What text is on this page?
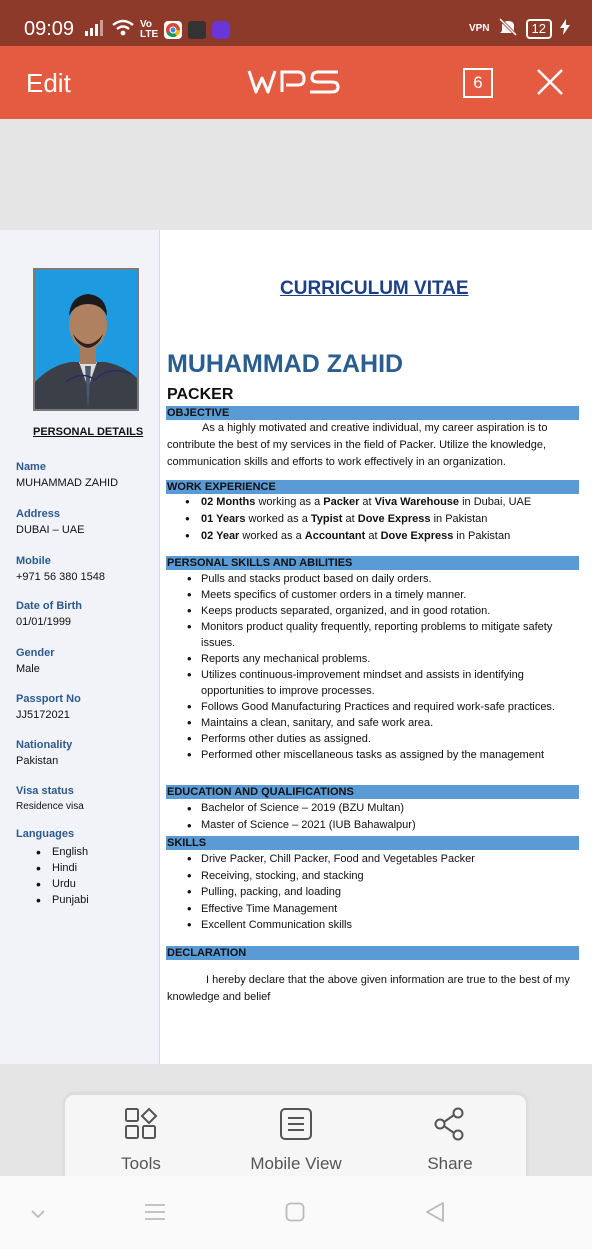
09:09	Vo LTE
VPN	12
Edit	6
PERSONAL DETAILS
Name
MUHAMMAD ZAHID
Address
DUBAI – UAE
Mobile
+971 56 380 1548
Date of Birth
01/01/1999
Gender
Male
Passport No
JJ5172021
Nationality
Pakistan
Visa status
Residence visa
Languages
• English
• Hindi
• Urdu
• Punjabi
CURRICULUM VITAE
MUHAMMAD ZAHID
PACKER
OBJECTIVE
As a highly motivated and creative individual, my career aspiration is to contribute the best of my services in the field of Packer. Utilize the knowledge, communication skills and efforts to work effectively in an organization.
WORK EXPERIENCE
● 02 Months working as a Packer at Viva Warehouse in Dubai, UAE
● 01 Years worked as a Typist at Dove Express in Pakistan
● 02 Year worked as a Accountant at Dove Express in Pakistan
PERSONAL SKILLS AND ABILITIES
• Pulls and stacks product based on daily orders.
• Meets specifics of customer orders in a timely manner.
• Keeps products separated, organized, and in good rotation.
• Monitors product quality frequently, reporting problems to mitigate safety issues.
• Reports any mechanical problems.
• Utilizes continuous-improvement mindset and assists in identifying opportunities to improve processes.
• Follows Good Manufacturing Practices and required work-safe practices.
• Maintains a clean, sanitary, and safe work area.
• Performs other duties as assigned.
• Performed other miscellaneous tasks as assigned by the management
EDUCATION AND QUALIFICATIONS
• Bachelor of Science – 2019 (BZU Multan)
• Master of Science – 2021 (IUB Bahawalpur)
SKILLS
• Drive Packer, Chill Packer, Food and Vegetables Packer
• Receiving, stocking, and stacking
• Pulling, packing, and loading
• Effective Time Management
• Excellent Communication skills
DECLARATION
I hereby declare that the above given information are true to the best of my knowledge and belief
Tools	Mobile View	Share
